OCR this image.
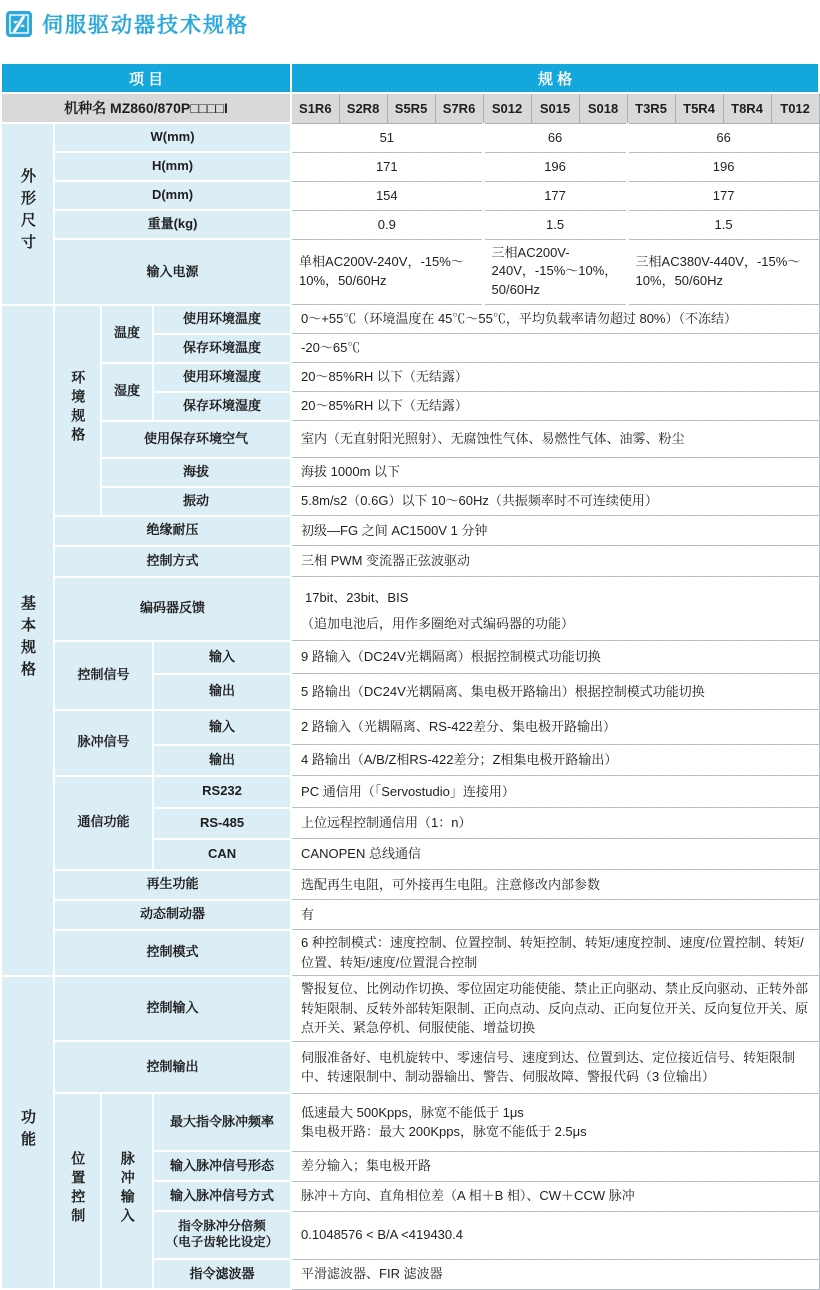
伺服驱动器技术规格
项 目				规 格										
机种名 MZ860/870P□□□□I				S1R6	S2R8	S5R5	S7R6	S012	S015	S018	T3R5	T5R4	T8R4	T012
外形尺寸	W(mm)			51				66			66			
	H(mm)			171				196			196			
	D(mm)			154				177			177			
	重量(kg)			0.9				1.5			1.5			
	输入电源			单相AC200V-240V，-15%～10%，50/60Hz				三相AC200V-240V，-15%～10%，50/60Hz			三相AC380V-440V，-15%～10%，50/60Hz			
基本规格	环境规格	温度	使用环境温度	0～+55℃（环境温度在 45℃～55℃，平均负载率请勿超过 80%）（不冻结）										
			保存环境温度	-20～65℃										
		湿度	使用环境湿度	20～85%RH 以下（无结露）										
			保存环境湿度	20～85%RH 以下（无结露）										
		使用保存环境空气		室内（无直射阳光照射）、无腐蚀性气体、易燃性气体、油雾、粉尘										
		海拔		海拔 1000m 以下										
		振动		5.8m/s2（0.6G）以下 10～60Hz（共振频率时不可连续使用）										
	绝缘耐压			初级—FG 之间 AC1500V 1 分钟										
	控制方式			三相 PWM 变流器正弦波驱动										
	编码器反馈			17bit、23bit、BIS
（追加电池后，用作多圈绝对式编码器的功能）										

	控制信号		输入	9 路输入（DC24V光耦隔离）根据控制模式功能切换										
			输出	5 路输出（DC24V光耦隔离、集电极开路输出）根据控制模式功能切换										
	脉冲信号		输入	2 路输入（光耦隔离、RS-422差分、集电极开路输出）										
			输出	4 路输出（A/B/Z相RS-422差分；Z相集电极开路输出）										
	通信功能		RS232	PC 通信用（「Servostudio」连接用）										
			RS-485	上位远程控制通信用（1：n）										
			CAN	CANOPEN 总线通信										
	再生功能			选配再生电阻，可外接再生电阻。注意修改内部参数										
	动态制动器			有										
	控制模式			6 种控制模式：速度控制、位置控制、转矩控制、转矩/速度控制、速度/位置控制、转矩/位置、转矩/速度/位置混合控制										
功能	控制输入			警报复位、比例动作切换、零位固定功能使能、禁止正向驱动、禁止反向驱动、正转外部转矩限制、反转外部转矩限制、正向点动、反向点动、正向复位开关、反向复位开关、原点开关、紧急停机、伺服使能、增益切换										
	控制输出			伺服准备好、电机旋转中、零速信号、速度到达、位置到达、定位接近信号、转矩限制中、转速限制中、制动器输出、警告、伺服故障、警报代码（3 位输出）										
	位置控制	脉冲输入	最大指令脉冲频率	低速最大 500Kpps，脉宽不能低于 1μs
集电极开路：最大 200Kpps，脉宽不能低于 2.5μs										

			输入脉冲信号形态	差分输入；集电极开路										
			输入脉冲信号方式	脉冲＋方向、直角相位差（A 相＋B 相）、CW＋CCW 脉冲										

			指令脉冲分倍频
（电子齿轮比设定）	0.1048576 < B/A <419430.4										
			指令滤波器	平滑滤波器、FIR 滤波器										
